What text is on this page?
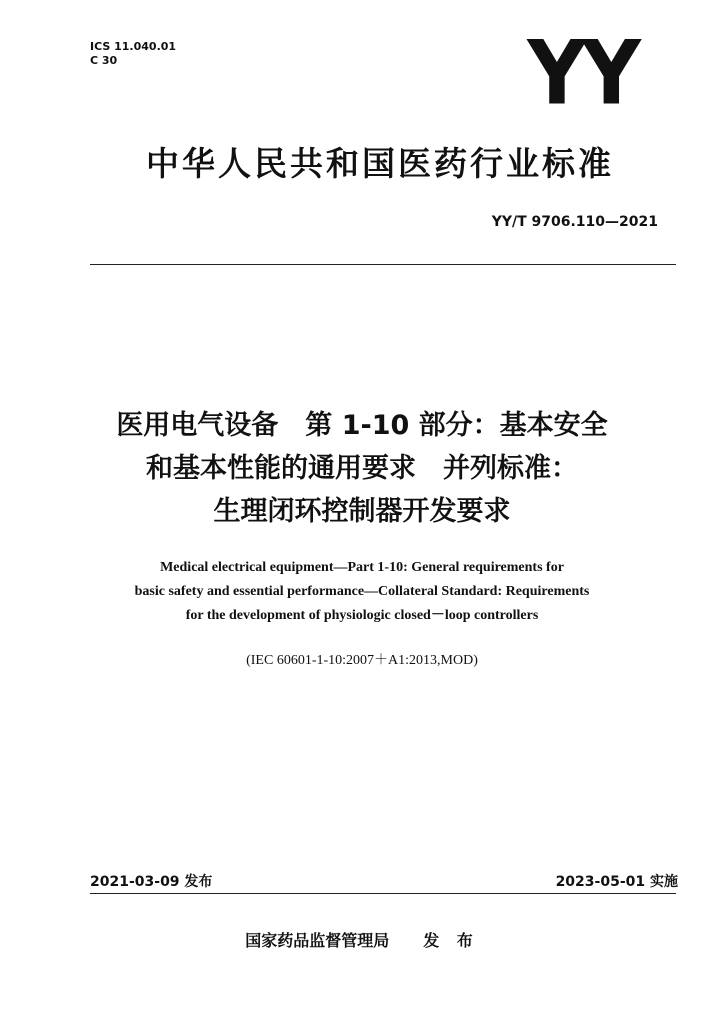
ICS 11.040.01
C 30	YY
中华人民共和国医药行业标准
YY/T 9706.110—2021
医用电气设备　第 1-10 部分：基本安全
和基本性能的通用要求　并列标准：
生理闭环控制器开发要求
Medical electrical equipment—Part 1-10: General requirements for
basic safety and essential performance—Collateral Standard: Requirements
for the development of physiologic closed－loop controllers
(IEC 60601-1-10:2007＋A1:2013,MOD)
2021-03-09 发布	2023-05-01 实施
国家药品监督管理局 发 布
